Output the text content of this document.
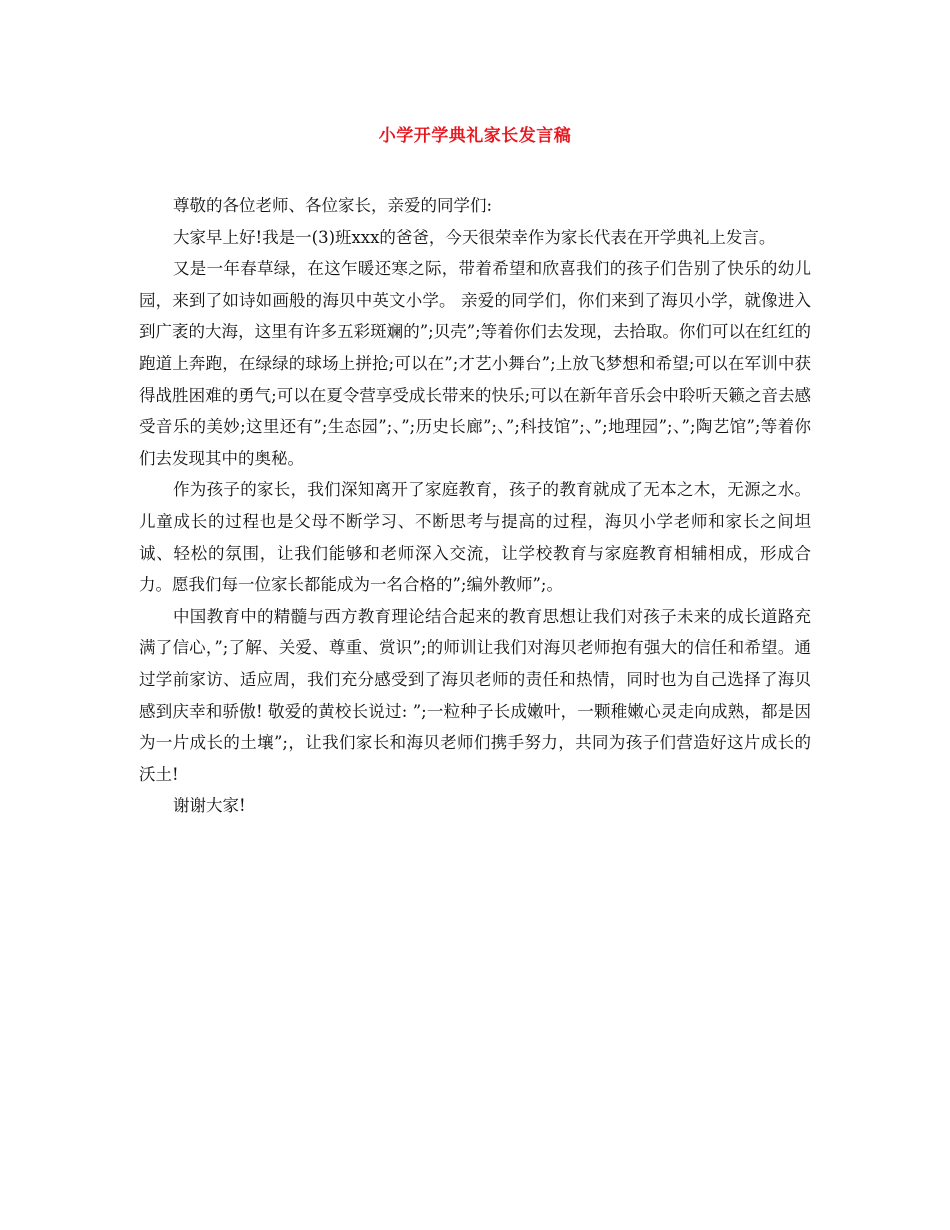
小学开学典礼家长发言稿

尊敬的各位老师、各位家长，亲爱的同学们:

大家早上好!我是一(3)班xxx的爸爸，今天很荣幸作为家长代表在开学典礼上发言。

又是一年春草绿，在这乍暖还寒之际，带着希望和欣喜我们的孩子们告别了快乐的幼儿园，来到了如诗如画般的海贝中英文小学。 亲爱的同学们，你们来到了海贝小学，就像进入到广袤的大海，这里有许多五彩斑斓的”;贝壳”;等着你们去发现，去拾取。你们可以在红红的跑道上奔跑，在绿绿的球场上拼抢;可以在”;才艺小舞台”;上放飞梦想和希望;可以在军训中获得战胜困难的勇气;可以在夏令营享受成长带来的快乐;可以在新年音乐会中聆听天籁之音去感受音乐的美妙;这里还有”;生态园”;、”;历史长廊”;、”;科技馆”;、”;地理园”;、”;陶艺馆”;等着你们去发现其中的奥秘。

作为孩子的家长，我们深知离开了家庭教育，孩子的教育就成了无本之木，无源之水。儿童成长的过程也是父母不断学习、不断思考与提高的过程，海贝小学老师和家长之间坦诚、轻松的氛围，让我们能够和老师深入交流，让学校教育与家庭教育相辅相成，形成合力。愿我们每一位家长都能成为一名合格的”;编外教师”;。

中国教育中的精髓与西方教育理论结合起来的教育思想让我们对孩子未来的成长道路充满了信心，”;了解、关爱、尊重、赏识”;的师训让我们对海贝老师抱有强大的信任和希望。通过学前家访、适应周，我们充分感受到了海贝老师的责任和热情，同时也为自己选择了海贝感到庆幸和骄傲! 敬爱的黄校长说过: ”;一粒种子长成嫩叶，一颗稚嫩心灵走向成熟，都是因为一片成长的土壤”;，让我们家长和海贝老师们携手努力，共同为孩子们营造好这片成长的沃土!

谢谢大家!
